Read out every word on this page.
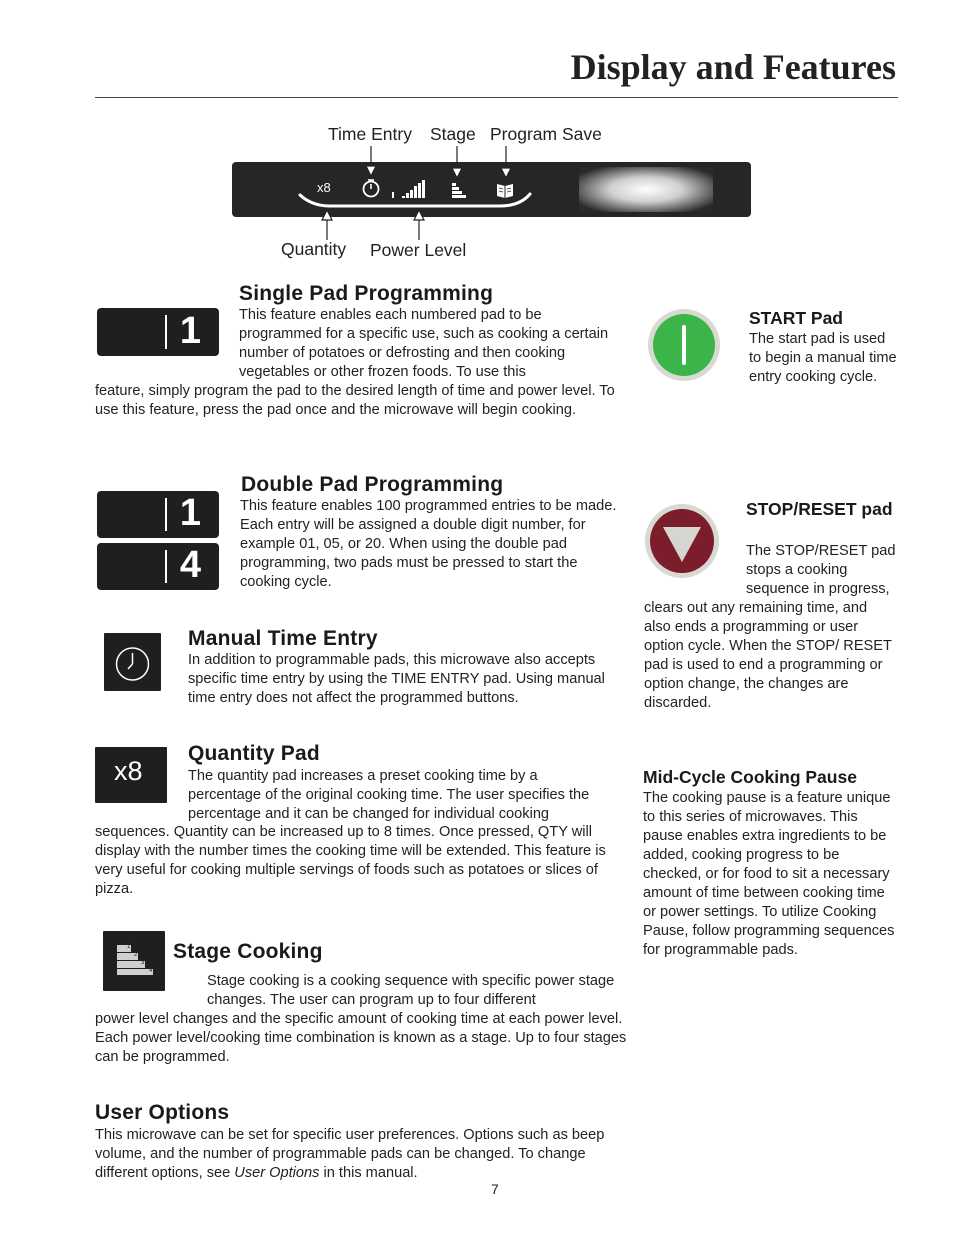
Display and Features
Time Entry Stage Program Save
x8
Quantity Power Level
1
Single Pad Programming
This feature enables each numbered pad to be programmed for a specific use, such as cooking a certain number of potatoes or defrosting and then cooking vegetables or other frozen foods. To use this
feature, simply program the pad to the desired length of time and power level. To use this feature, press the pad once and the microwave will begin cooking.
1
4
Double Pad Programming
This feature enables 100 programmed entries to be made. Each entry will be assigned a double digit number, for example 01, 05, or 20. When using the double pad programming, two pads must be pressed to start the cooking cycle.
Manual Time Entry
In addition to programmable pads, this microwave also accepts specific time entry by using the TIME ENTRY pad. Using manual time entry does not affect the programmed buttons.
x8
Quantity Pad
The quantity pad increases a preset cooking time by a percentage of the original cooking time. The user specifies the percentage and it can be changed for individual cooking
sequences. Quantity can be increased up to 8 times. Once pressed, QTY will display with the number times the cooking time will be extended. This feature is very useful for cooking multiple servings of foods such as potatoes or slices of pizza.
1
2
3
4
Stage Cooking
Stage cooking is a cooking sequence with specific power stage changes. The user can program up to four different
power level changes and the specific amount of cooking time at each power level. Each power level/cooking time combination is known as a stage. Up to four stages can be programmed.
User Options
This microwave can be set for specific user preferences. Options such as beep volume, and the number of programmable pads can be changed. To change different options, see User Options in this manual.
START Pad
The start pad is used to begin a manual time entry cooking cycle.
STOP/RESET pad
The STOP/RESET pad stops a cooking sequence in progress,
clears out any remaining time, and also ends a programming or user option cycle. When the STOP/ RESET pad is used to end a programming or option change, the changes are discarded.
Mid-Cycle Cooking Pause
The cooking pause is a feature unique to this series of microwaves. This pause enables extra ingredients to be added, cooking progress to be checked, or for food to sit a necessary amount of time between cooking time or power settings. To utilize Cooking Pause, follow programming sequences for programmable pads.
7
